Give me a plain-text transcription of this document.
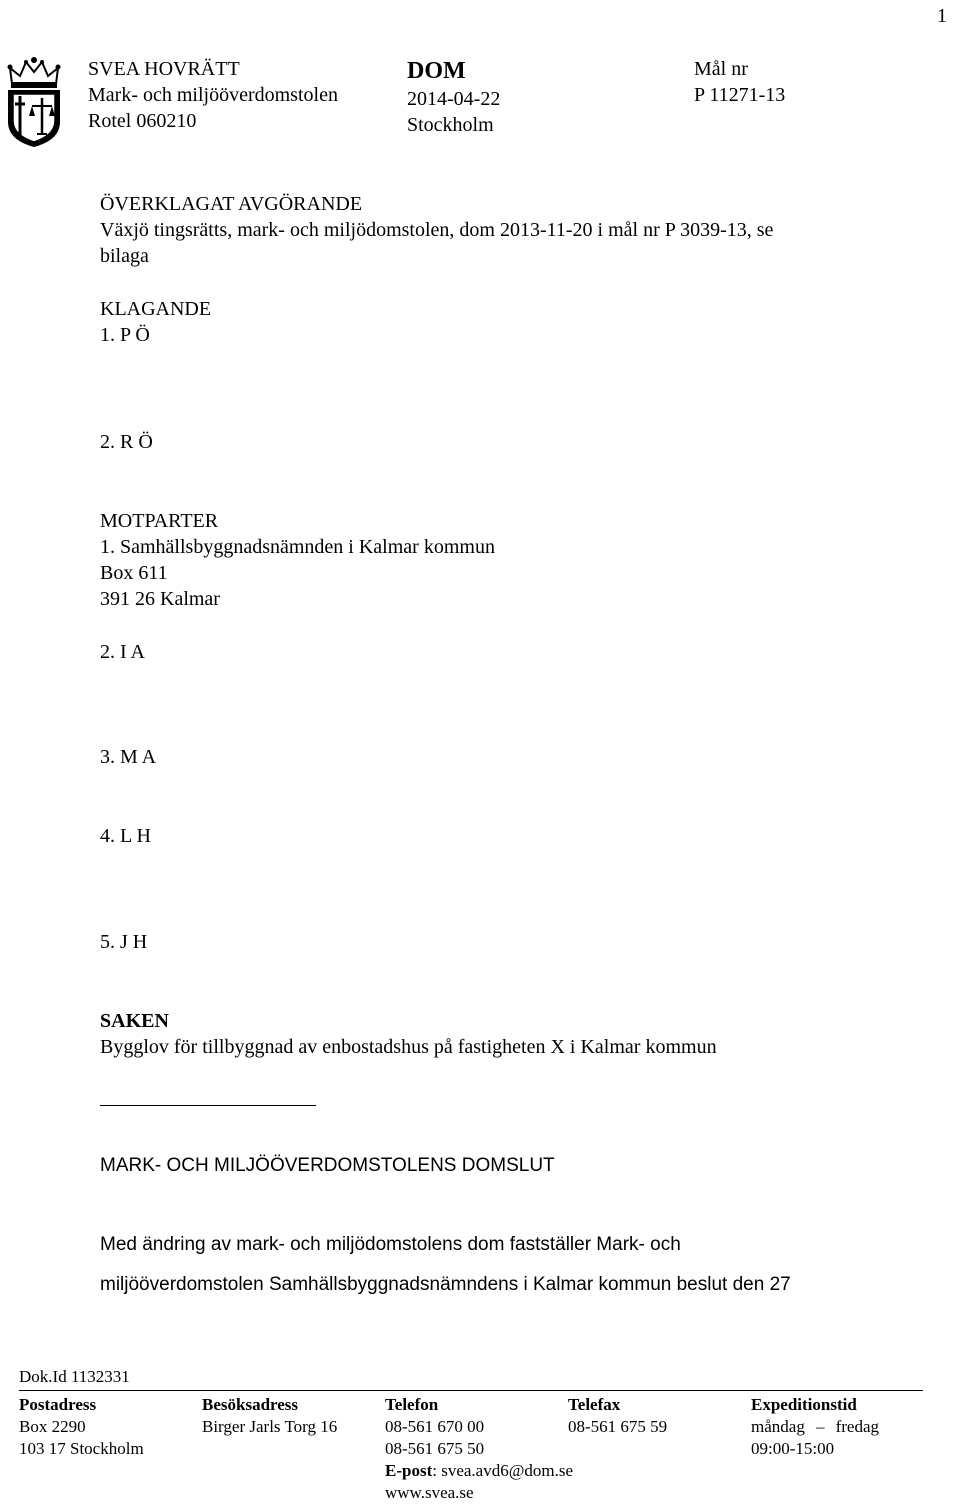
1
SVEA HOVRÄTT
Mark- och miljööverdomstolen
Rotel 060210
DOM
2014-04-22
Stockholm
Mål nr
P 11271-13
ÖVERKLAGAT AVGÖRANDE
Växjö tingsrätts, mark- och miljödomstolen, dom 2013-11-20 i mål nr P 3039-13, se
bilaga
KLAGANDE
1. P Ö
2. R Ö
MOTPARTER
1. Samhällsbyggnadsnämnden i Kalmar kommun
Box 611
391 26 Kalmar
2. I A
3. M A
4. L H
5. J H
SAKEN
Bygglov för tillbyggnad av enbostadshus på fastigheten X i Kalmar kommun
MARK- OCH MILJÖÖVERDOMSTOLENS DOMSLUT
Med ändring av mark- och miljödomstolens dom fastställer Mark- och
miljööverdomstolen Samhällsbyggnadsnämndens i Kalmar kommun beslut den 27
Dok.Id 1132331
Postadress
Box 2290
103 17 Stockholm
Besöksadress
Birger Jarls Torg 16
Telefon
08-561 670 00
08-561 675 50
E-post: svea.avd6@dom.se
www.svea.se
Telefax
08-561 675 59
Expeditionstid
måndag – fredag
09:00-15:00
